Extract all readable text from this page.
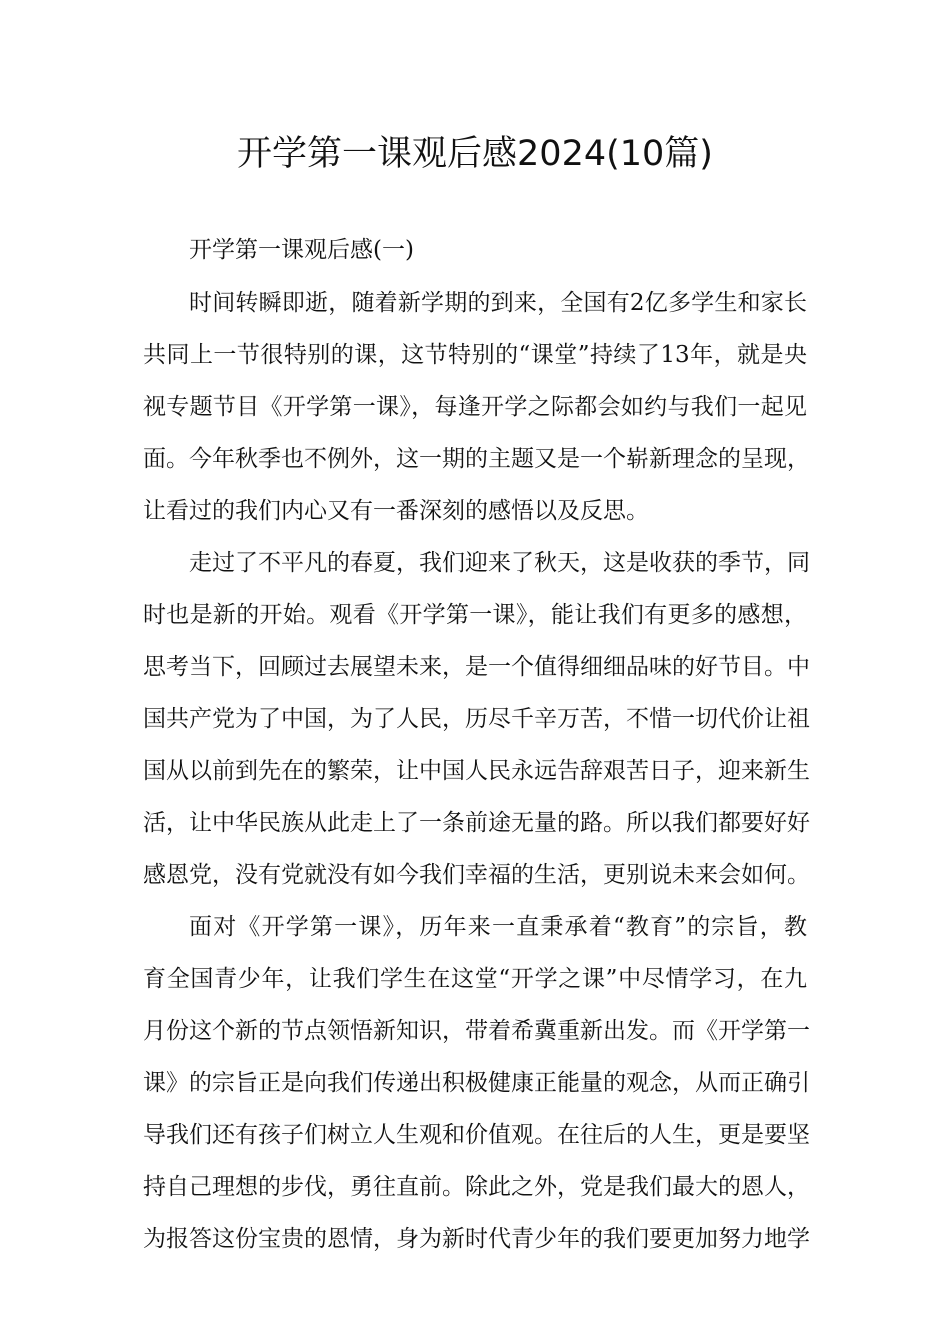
开学第一课观后感2024(10篇)

开学第一课观后感(一)

时间转瞬即逝，随着新学期的到来，全国有2亿多学生和家长

共同上一节很特别的课，这节特别的“课堂”持续了13年，就是央

视专题节目《开学第一课》，每逢开学之际都会如约与我们一起见

面。今年秋季也不例外，这一期的主题又是一个崭新理念的呈现，

让看过的我们内心又有一番深刻的感悟以及反思。

走过了不平凡的春夏，我们迎来了秋天，这是收获的季节，同

时也是新的开始。观看《开学第一课》，能让我们有更多的感想，

思考当下，回顾过去展望未来，是一个值得细细品味的好节目。中

国共产党为了中国，为了人民，历尽千辛万苦，不惜一切代价让祖

国从以前到先在的繁荣，让中国人民永远告辞艰苦日子，迎来新生

活，让中华民族从此走上了一条前途无量的路。所以我们都要好好

感恩党，没有党就没有如今我们幸福的生活，更别说未来会如何。

面对《开学第一课》，历年来一直秉承着“教育”的宗旨，教

育全国青少年，让我们学生在这堂“开学之课”中尽情学习，在九

月份这个新的节点领悟新知识，带着希冀重新出发。而《开学第一

课》的宗旨正是向我们传递出积极健康正能量的观念，从而正确引

导我们还有孩子们树立人生观和价值观。在往后的人生，更是要坚

持自己理想的步伐，勇往直前。除此之外，党是我们最大的恩人，

为报答这份宝贵的恩情，身为新时代青少年的我们要更加努力地学
